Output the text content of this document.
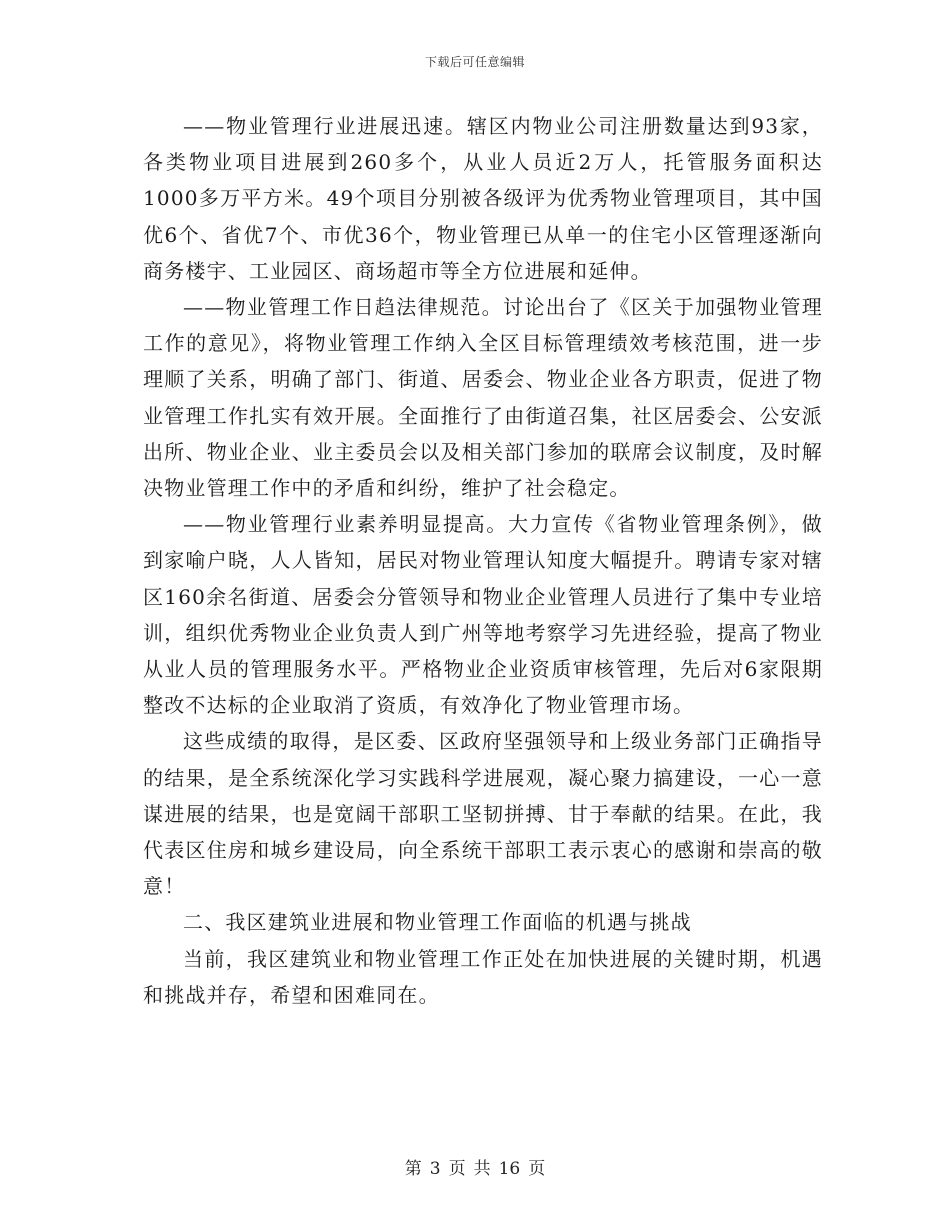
下载后可任意编辑

——物业管理行业进展迅速。辖区内物业公司注册数量达到93家，各类物业项目进展到260多个，从业人员近2万人，托管服务面积达1000多万平方米。49个项目分别被各级评为优秀物业管理项目，其中国优6个、省优7个、市优36个，物业管理已从单一的住宅小区管理逐渐向商务楼宇、工业园区、商场超市等全方位进展和延伸。

——物业管理工作日趋法律规范。讨论出台了《区关于加强物业管理工作的意见》，将物业管理工作纳入全区目标管理绩效考核范围，进一步理顺了关系，明确了部门、街道、居委会、物业企业各方职责，促进了物业管理工作扎实有效开展。全面推行了由街道召集，社区居委会、公安派出所、物业企业、业主委员会以及相关部门参加的联席会议制度，及时解决物业管理工作中的矛盾和纠纷，维护了社会稳定。

——物业管理行业素养明显提高。大力宣传《省物业管理条例》，做到家喻户晓，人人皆知，居民对物业管理认知度大幅提升。聘请专家对辖区160余名街道、居委会分管领导和物业企业管理人员进行了集中专业培训，组织优秀物业企业负责人到广州等地考察学习先进经验，提高了物业从业人员的管理服务水平。严格物业企业资质审核管理，先后对6家限期整改不达标的企业取消了资质，有效净化了物业管理市场。

这些成绩的取得，是区委、区政府坚强领导和上级业务部门正确指导的结果，是全系统深化学习实践科学进展观，凝心聚力搞建设，一心一意谋进展的结果，也是宽阔干部职工坚韧拼搏、甘于奉献的结果。在此，我代表区住房和城乡建设局，向全系统干部职工表示衷心的感谢和崇高的敬意！

二、我区建筑业进展和物业管理工作面临的机遇与挑战

当前，我区建筑业和物业管理工作正处在加快进展的关键时期，机遇和挑战并存，希望和困难同在。

第 3 页 共 16 页
